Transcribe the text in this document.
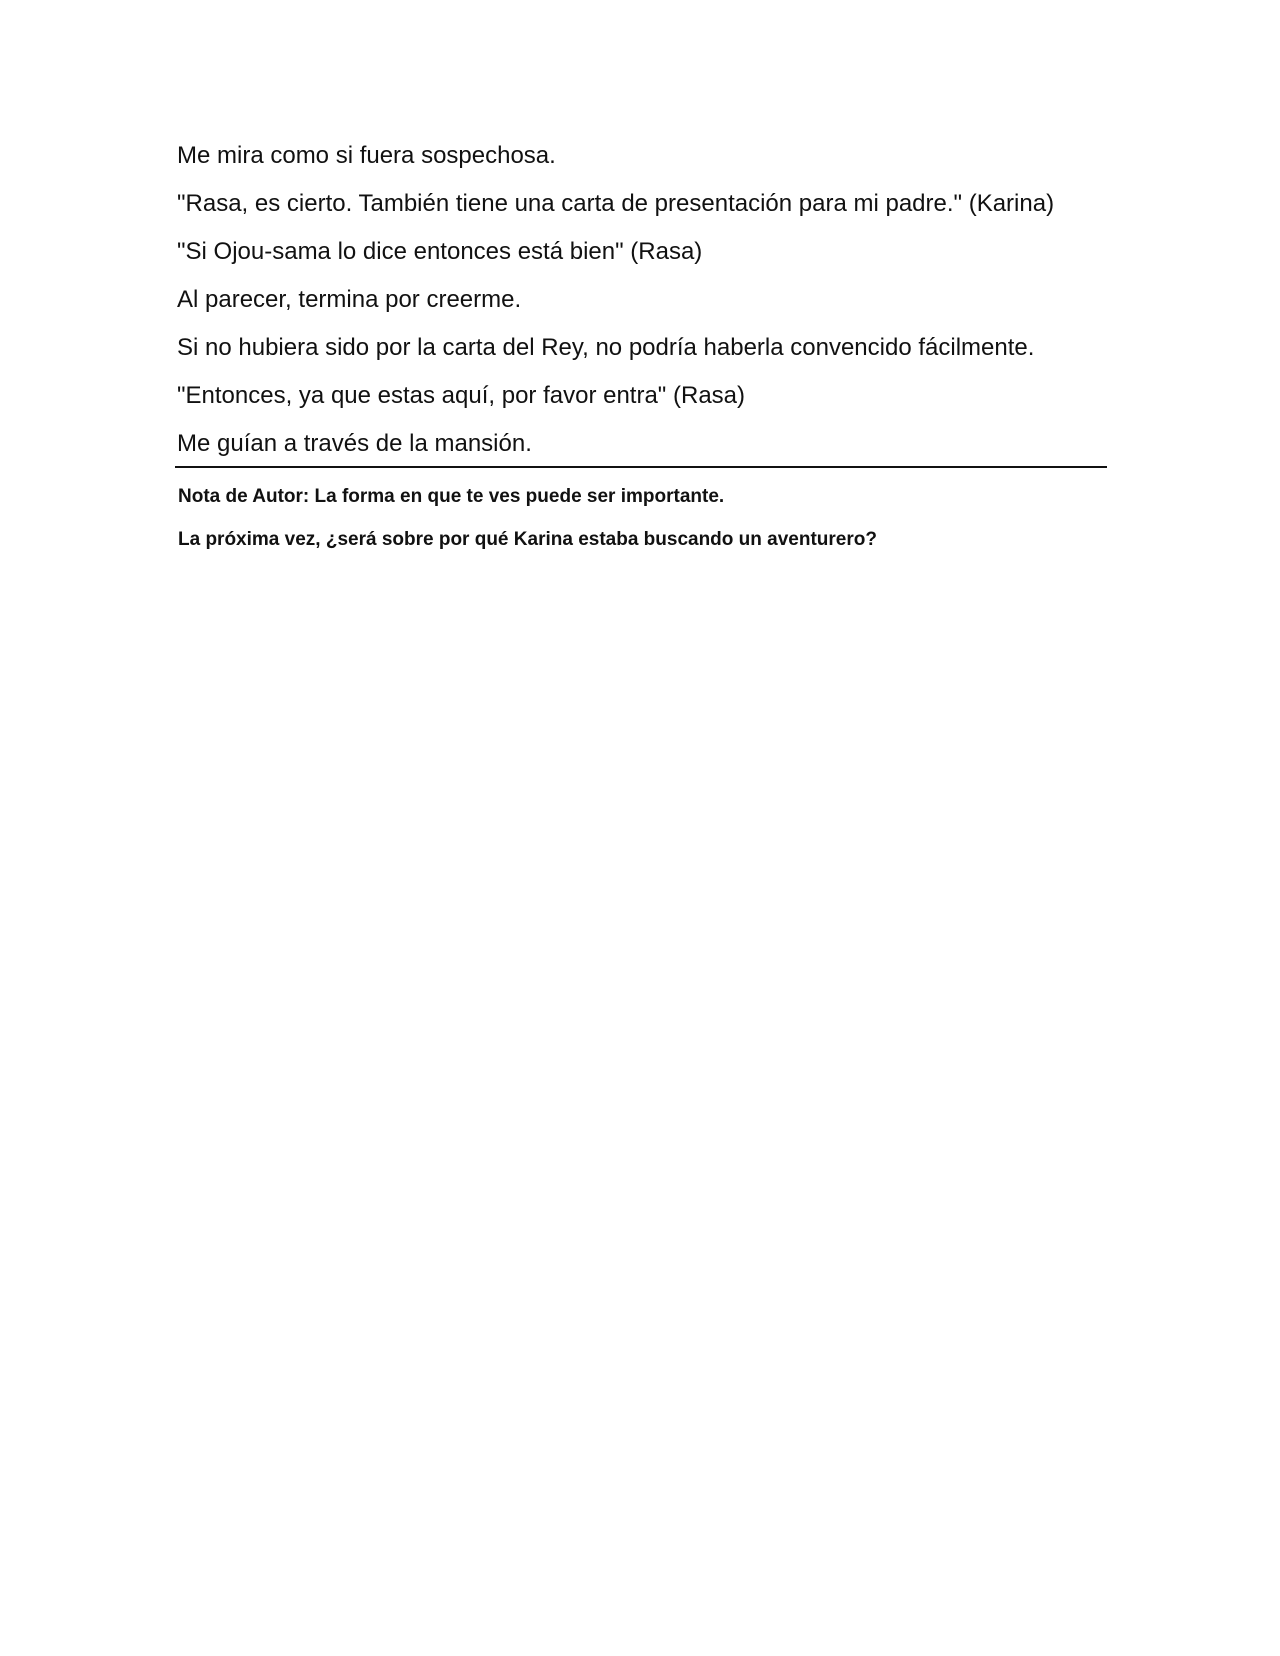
Me mira como si fuera sospechosa.

"Rasa, es cierto. También tiene una carta de presentación para mi padre." (Karina)

"Si Ojou-sama lo dice entonces está bien" (Rasa)

Al parecer, termina por creerme.

Si no hubiera sido por la carta del Rey, no podría haberla convencido fácilmente.

"Entonces, ya que estas aquí, por favor entra" (Rasa)

Me guían a través de la mansión.

Nota de Autor: La forma en que te ves puede ser importante.

La próxima vez, ¿será sobre por qué Karina estaba buscando un aventurero?
